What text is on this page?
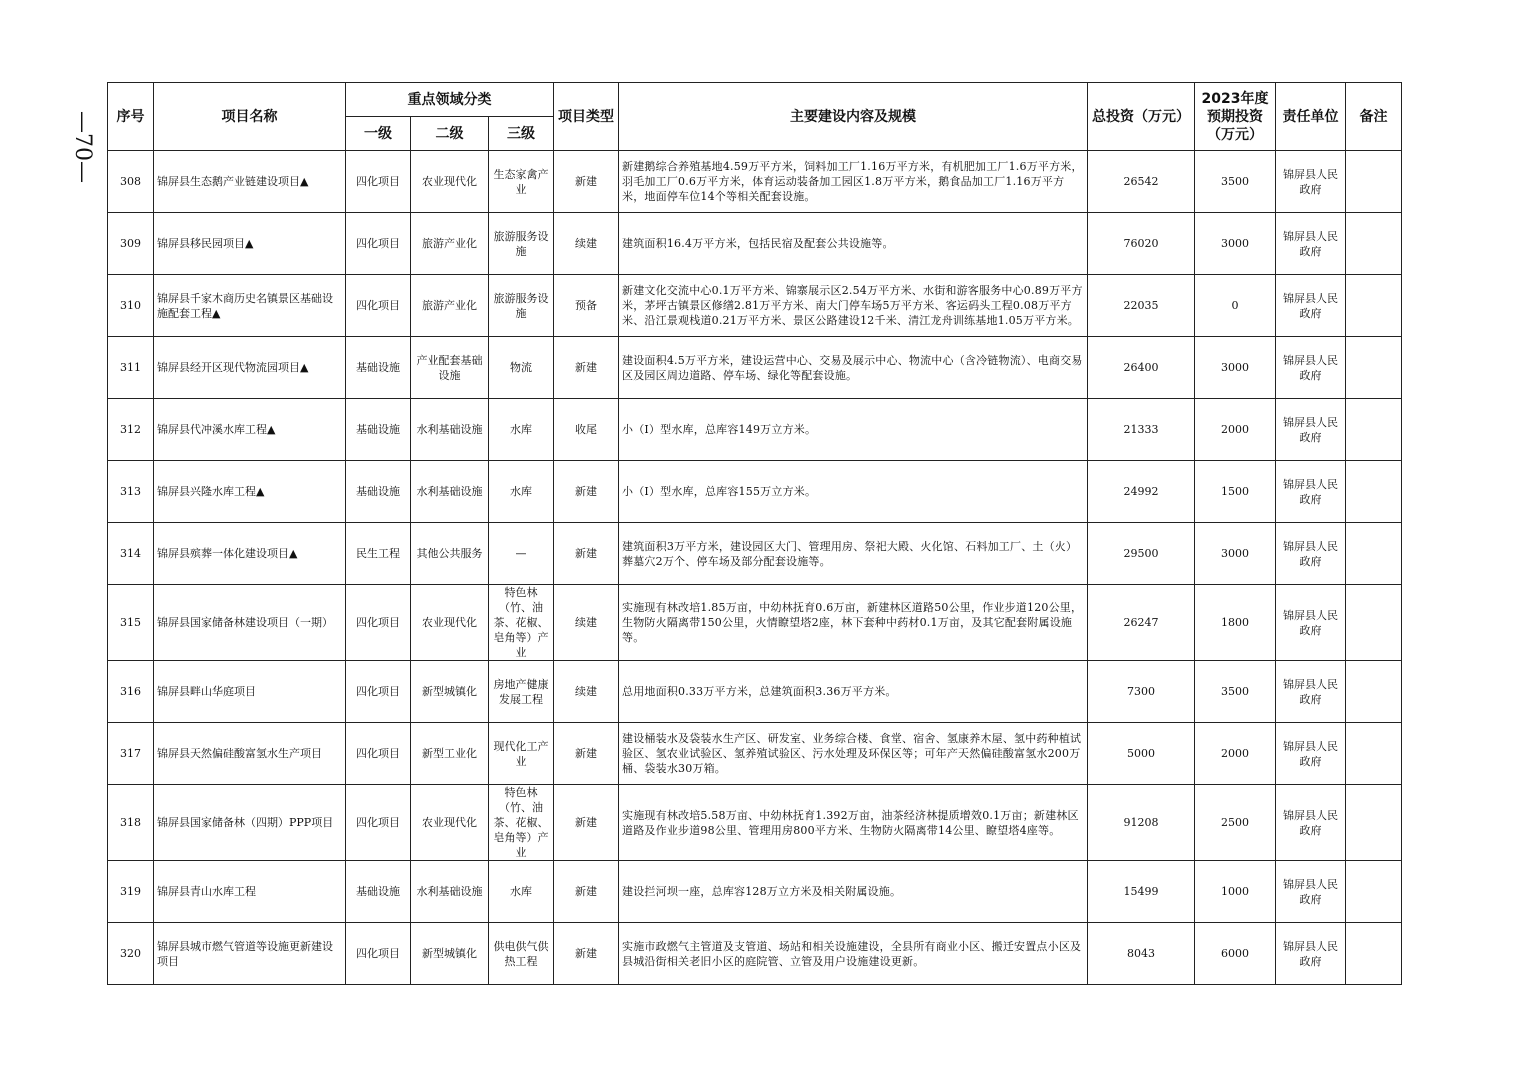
—70— 序号	项目名称	重点领域分类			项目类型	主要建设内容及规模	总投资（万元）	2023年度预期投资（万元）	责任单位	备注
		一级	二级	三级						
308	锦屏县生态鹅产业链建设项目▲	四化项目	农业现代化	生态家禽产业	新建	新建鹅综合养殖基地4.59万平方米，饲料加工厂1.16万平方米，有机肥加工厂1.6万平方米，羽毛加工厂0.6万平方米，体育运动装备加工园区1.8万平方米，鹅食品加工厂1.16万平方米，地面停车位14个等相关配套设施。	26542	3500	锦屏县人民政府	
309	锦屏县移民园项目▲	四化项目	旅游产业化	旅游服务设施	续建	建筑面积16.4万平方米，包括民宿及配套公共设施等。	76020	3000	锦屏县人民政府	
310	锦屏县千家木商历史名镇景区基础设施配套工程▲	四化项目	旅游产业化	旅游服务设施	预备	新建文化交流中心0.1万平方米、锦寨展示区2.54万平方米、水街和游客服务中心0.89万平方米，茅坪古镇景区修缮2.81万平方米、南大门停车场5万平方米、客运码头工程0.08万平方米、沿江景观栈道0.21万平方米、景区公路建设12千米、清江龙舟训练基地1.05万平方米。	22035	0	锦屏县人民政府	
311	锦屏县经开区现代物流园项目▲	基础设施	产业配套基础设施	物流	新建	建设面积4.5万平方米，建设运营中心、交易及展示中心、物流中心（含冷链物流）、电商交易区及园区周边道路、停车场、绿化等配套设施。	26400	3000	锦屏县人民政府	
312	锦屏县代冲溪水库工程▲	基础设施	水利基础设施	水库	收尾	小（Ⅰ）型水库，总库容149万立方米。	21333	2000	锦屏县人民政府	
313	锦屏县兴隆水库工程▲	基础设施	水利基础设施	水库	新建	小（Ⅰ）型水库，总库容155万立方米。	24992	1500	锦屏县人民政府	
314	锦屏县殡葬一体化建设项目▲	民生工程	其他公共服务	—	新建	建筑面积3万平方米，建设园区大门、管理用房、祭祀大殿、火化馆、石料加工厂、土（火）葬墓穴2万个、停车场及部分配套设施等。	29500	3000	锦屏县人民政府	
315	锦屏县国家储备林建设项目（一期）	四化项目	农业现代化	特色林（竹、油茶、花椒、皂角等）产业	续建	实施现有林改培1.85万亩，中幼林抚育0.6万亩，新建林区道路50公里，作业步道120公里，生物防火隔离带150公里，火情瞭望塔2座，林下套种中药材0.1万亩，及其它配套附属设施等。	26247	1800	锦屏县人民政府	
316	锦屏县畔山华庭项目	四化项目	新型城镇化	房地产健康发展工程	续建	总用地面积0.33万平方米，总建筑面积3.36万平方米。	7300	3500	锦屏县人民政府	
317	锦屏县天然偏硅酸富氢水生产项目	四化项目	新型工业化	现代化工产业	新建	建设桶装水及袋装水生产区、研发室、业务综合楼、食堂、宿舍、氢康养木屋、氢中药种植试验区、氢农业试验区、氢养殖试验区、污水处理及环保区等；可年产天然偏硅酸富氢水200万桶、袋装水30万箱。	5000	2000	锦屏县人民政府	
318	锦屏县国家储备林（四期）PPP项目	四化项目	农业现代化	特色林（竹、油茶、花椒、皂角等）产业	新建	实施现有林改培5.58万亩、中幼林抚育1.392万亩，油茶经济林提质增效0.1万亩；新建林区道路及作业步道98公里、管理用房800平方米、生物防火隔离带14公里、瞭望塔4座等。	91208	2500	锦屏县人民政府	
319	锦屏县青山水库工程	基础设施	水利基础设施	水库	新建	建设拦河坝一座，总库容128万立方米及相关附属设施。	15499	1000	锦屏县人民政府	
320	锦屏县城市燃气管道等设施更新建设项目	四化项目	新型城镇化	供电供气供热工程	新建	实施市政燃气主管道及支管道、场站和相关设施建设，全县所有商业小区、搬迁安置点小区及县城沿街相关老旧小区的庭院管、立管及用户设施建设更新。	8043	6000	锦屏县人民政府	
